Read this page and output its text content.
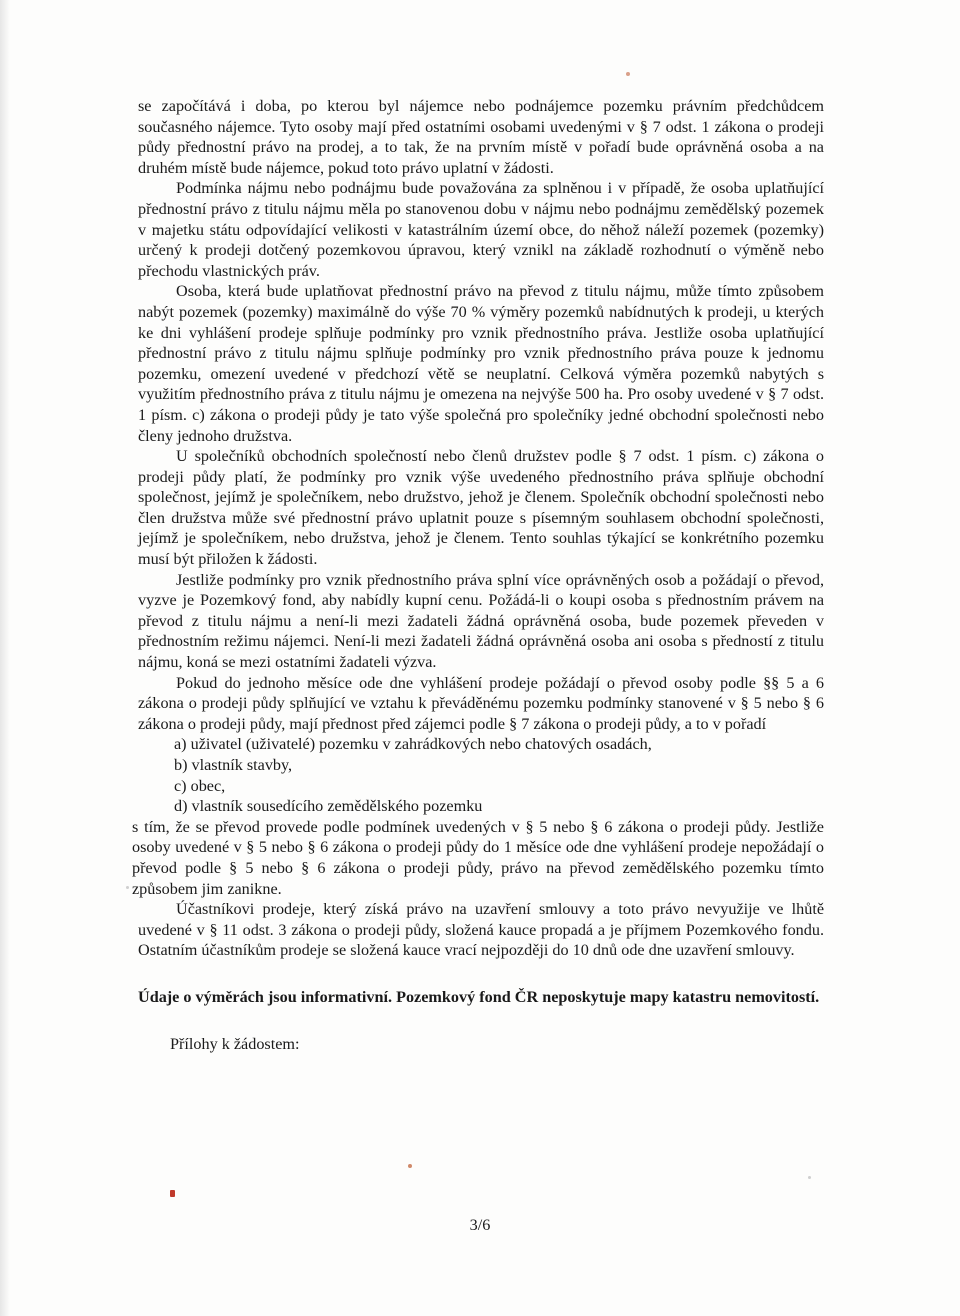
se započítává i doba, po kterou byl nájemce nebo podnájemce pozemku právním předchůdcem současného nájemce. Tyto osoby mají před ostatními osobami uvedenými v § 7 odst. 1 zákona o prodeji půdy přednostní právo na prodej, a to tak, že na prvním místě v pořadí bude oprávněná osoba a na druhém místě bude nájemce, pokud toto právo uplatní v žádosti.

Podmínka nájmu nebo podnájmu bude považována za splněnou i v případě, že osoba uplatňující přednostní právo z titulu nájmu měla po stanovenou dobu v nájmu nebo podnájmu zemědělský pozemek v majetku státu odpovídající velikosti v katastrálním území obce, do něhož náleží pozemek (pozemky) určený k prodeji dotčený pozemkovou úpravou, který vznikl na základě rozhodnutí o výměně nebo přechodu vlastnických práv.

Osoba, která bude uplatňovat přednostní právo na převod z titulu nájmu, může tímto způsobem nabýt pozemek (pozemky) maximálně do výše 70 % výměry pozemků nabídnutých k prodeji, u kterých ke dni vyhlášení prodeje splňuje podmínky pro vznik přednostního práva. Jestliže osoba uplatňující přednostní právo z titulu nájmu splňuje podmínky pro vznik přednostního práva pouze k jednomu pozemku, omezení uvedené v předchozí větě se neuplatní. Celková výměra pozemků nabytých s využitím přednostního práva z titulu nájmu je omezena na nejvýše 500 ha. Pro osoby uvedené v § 7 odst. 1 písm. c) zákona o prodeji půdy je tato výše společná pro společníky jedné obchodní společnosti nebo členy jednoho družstva.

U společníků obchodních společností nebo členů družstev podle § 7 odst. 1 písm. c) zákona o prodeji půdy platí, že podmínky pro vznik výše uvedeného přednostního práva splňuje obchodní společnost, jejímž je společníkem, nebo družstvo, jehož je členem. Společník obchodní společnosti nebo člen družstva může své přednostní právo uplatnit pouze s písemným souhlasem obchodní společnosti, jejímž je společníkem, nebo družstva, jehož je členem. Tento souhlas týkající se konkrétního pozemku musí být přiložen k žádosti.

Jestliže podmínky pro vznik přednostního práva splní více oprávněných osob a požádají o převod, vyzve je Pozemkový fond, aby nabídly kupní cenu. Požádá-li o koupi osoba s přednostním právem na převod z titulu nájmu a není-li mezi žadateli žádná oprávněná osoba, bude pozemek převeden v přednostním režimu nájemci. Není-li mezi žadateli žádná oprávněná osoba ani osoba s předností z titulu nájmu, koná se mezi ostatními žadateli výzva.

Pokud do jednoho měsíce ode dne vyhlášení prodeje požádají o převod osoby podle §§ 5 a 6 zákona o prodeji půdy splňující ve vztahu k převáděnému pozemku podmínky stanovené v § 5 nebo § 6 zákona o prodeji půdy, mají přednost před zájemci podle § 7 zákona o prodeji půdy, a to v pořadí

a) uživatel (uživatelé) pozemku v zahrádkových nebo chatových osadách,
b) vlastník stavby,
c) obec,
d) vlastník sousedícího zemědělského pozemku

s tím, že se převod provede podle podmínek uvedených v § 5 nebo § 6 zákona o prodeji půdy. Jestliže osoby uvedené v § 5 nebo § 6 zákona o prodeji půdy do 1 měsíce ode dne vyhlášení prodeje nepožádají o převod podle § 5 nebo § 6 zákona o prodeji půdy, právo na převod zemědělského pozemku tímto způsobem jim zanikne.

Účastníkovi prodeje, který získá právo na uzavření smlouvy a toto právo nevyužije ve lhůtě uvedené v § 11 odst. 3 zákona o prodeji půdy, složená kauce propadá a je příjmem Pozemkového fondu. Ostatním účastníkům prodeje se složená kauce vrací nejpozději do 10 dnů ode dne uzavření smlouvy.

Údaje o výměrách jsou informativní. Pozemkový fond ČR neposkytuje mapy katastru nemovitostí.

Přílohy k žádostem:

3/6
